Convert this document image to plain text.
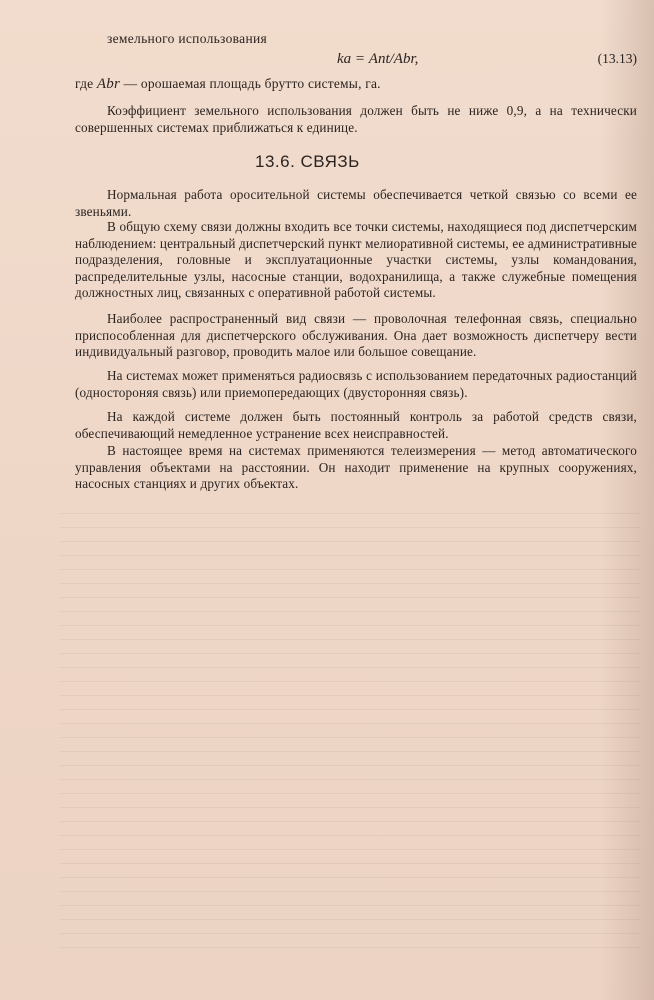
земельного использования
kа = Аnt/Аbr,	(13.13)
где Аbr — орошаемая площадь брутто системы, га.

Коэффициент земельного использования должен быть не ниже 0,9, а на технически совершенных системах приближаться к единице.

13.6. СВЯЗЬ

Нормальная работа оросительной системы обеспечивается четкой связью со всеми ее звеньями.

В общую схему связи должны входить все точки системы, находящиеся под диспетчерским наблюдением: центральный диспетчерский пункт мелиоративной системы, ее административные подразделения, головные и эксплуатационные участки системы, узлы командования, распределительные узлы, насосные станции, водохранилища, а также служебные помещения должностных лиц, связанных с оперативной работой системы.

Наиболее распространенный вид связи — проволочная телефонная связь, специально приспособленная для диспетчерского обслуживания. Она дает возможность диспетчеру вести индивидуальный разговор, проводить малое или большое совещание.

На системах может применяться радиосвязь с использованием передаточных радиостанций (одностороняя связь) или приемопередающих (двусторонняя связь).

На каждой системе должен быть постоянный контроль за работой средств связи, обеспечивающий немедленное устранение всех неисправностей.

В настоящее время на системах применяются телеизмерения — метод автоматического управления объектами на расстоянии. Он находит применение на крупных сооружениях, насосных станциях и других объектах.
